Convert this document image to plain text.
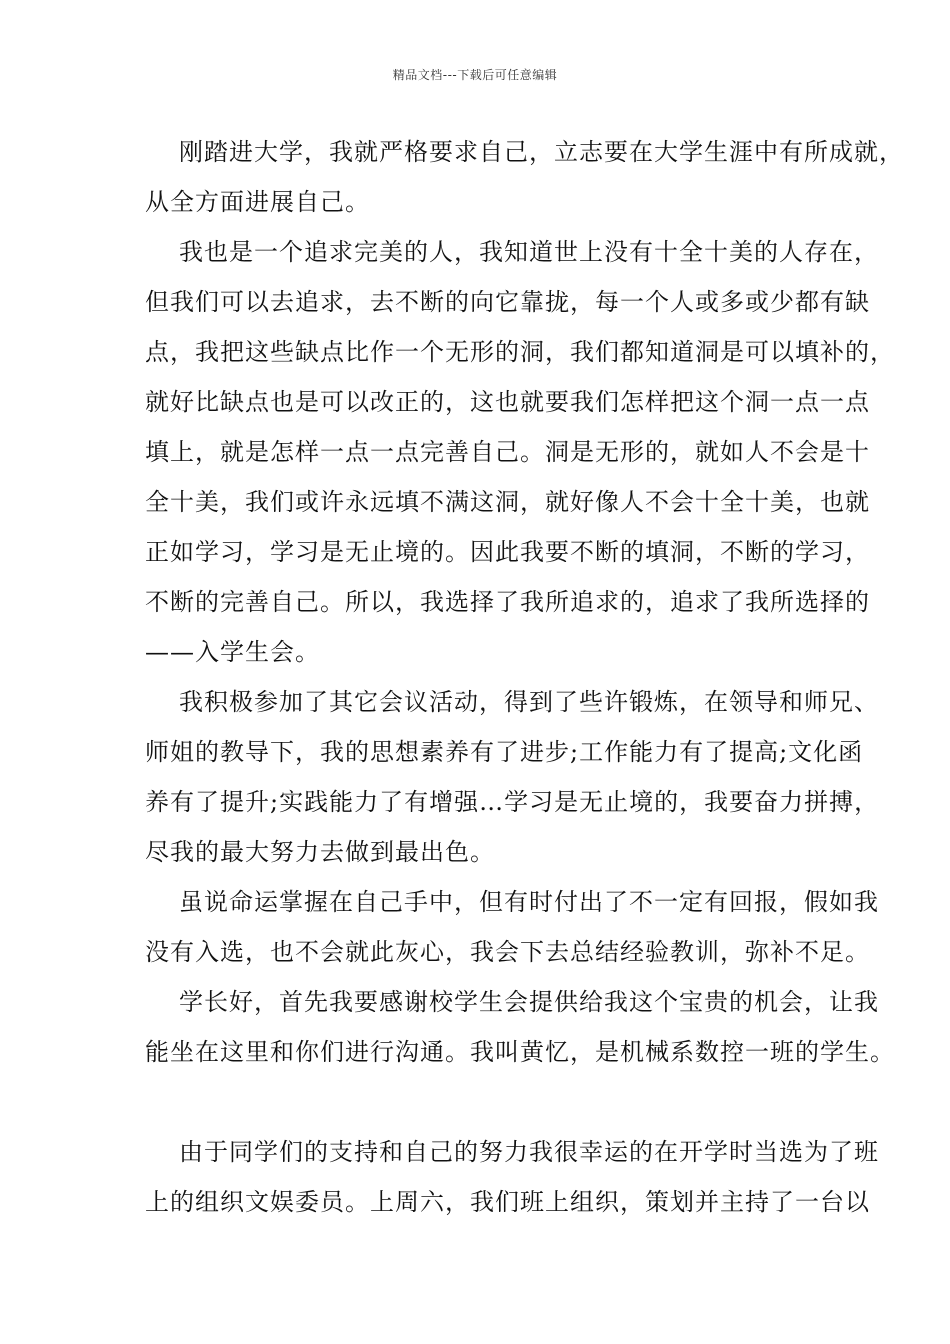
精品文档---下载后可任意编辑
刚踏进大学，我就严格要求自己，立志要在大学生涯中有所成就，
从全方面进展自己。
我也是一个追求完美的人，我知道世上没有十全十美的人存在，
但我们可以去追求，去不断的向它靠拢，每一个人或多或少都有缺
点，我把这些缺点比作一个无形的洞，我们都知道洞是可以填补的，
就好比缺点也是可以改正的，这也就要我们怎样把这个洞一点一点
填上，就是怎样一点一点完善自己。洞是无形的，就如人不会是十
全十美，我们或许永远填不满这洞，就好像人不会十全十美，也就
正如学习，学习是无止境的。因此我要不断的填洞，不断的学习，
不断的完善自己。所以，我选择了我所追求的，追求了我所选择的
——入学生会。
我积极参加了其它会议活动，得到了些许锻炼，在领导和师兄、
师姐的教导下，我的思想素养有了进步;工作能力有了提高;文化函
养有了提升;实践能力了有增强…学习是无止境的，我要奋力拼搏，
尽我的最大努力去做到最出色。
虽说命运掌握在自己手中，但有时付出了不一定有回报，假如我
没有入选，也不会就此灰心，我会下去总结经验教训，弥补不足。
学长好，首先我要感谢校学生会提供给我这个宝贵的机会，让我
能坐在这里和你们进行沟通。我叫黄忆，是机械系数控一班的学生。
由于同学们的支持和自己的努力我很幸运的在开学时当选为了班
上的组织文娱委员。上周六，我们班上组织，策划并主持了一台以
